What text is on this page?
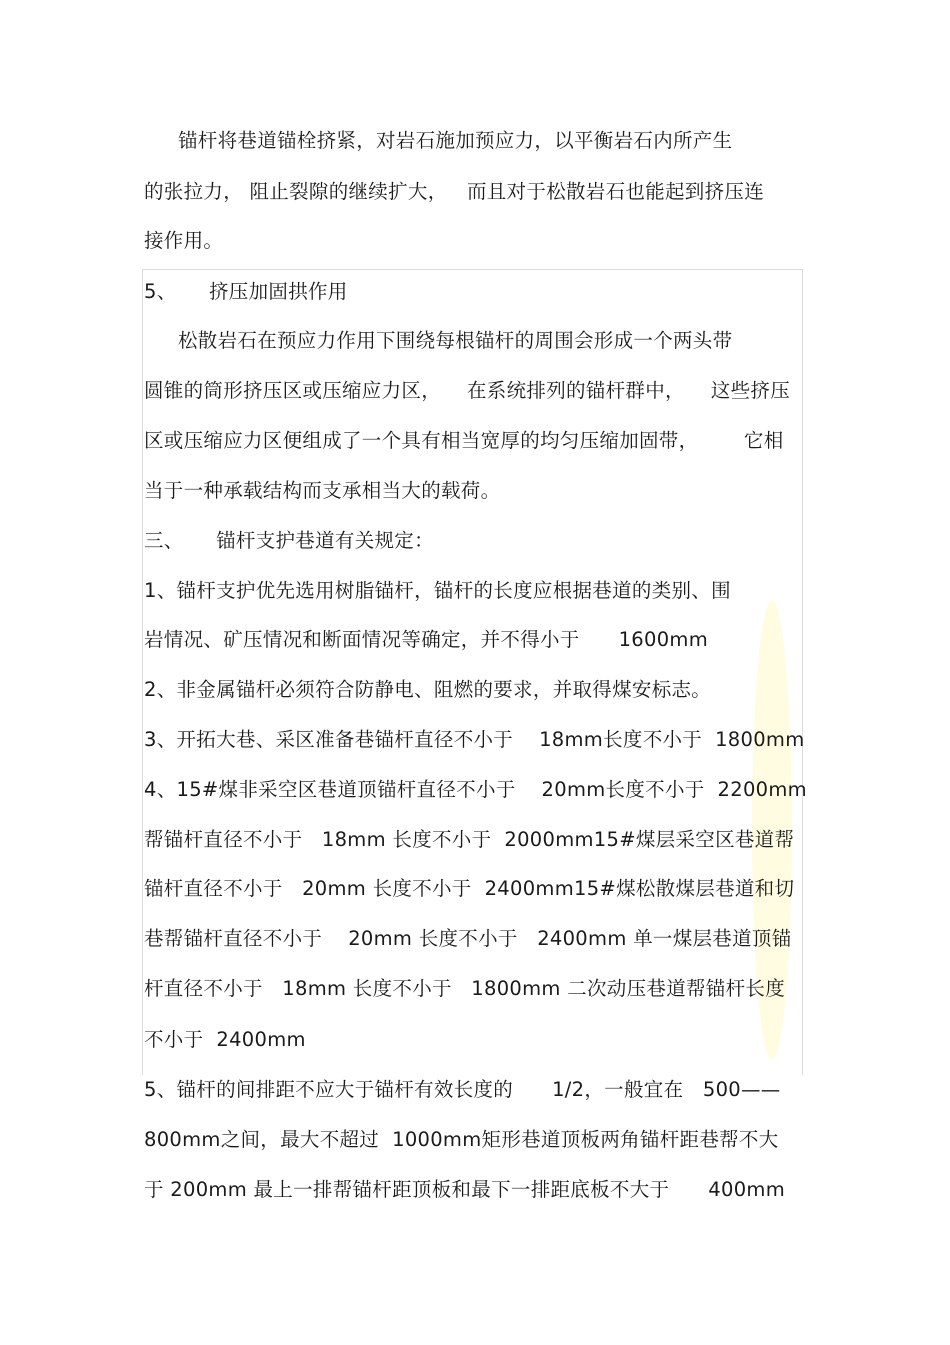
锚杆将巷道锚栓挤紧，对岩石施加预应力，以平衡岩石内所产生
的张拉力， 阻止裂隙的继续扩大，   而且对于松散岩石也能起到挤压连
接作用。
5、     挤压加固拱作用
松散岩石在预应力作用下围绕每根锚杆的周围会形成一个两头带
圆锥的筒形挤压区或压缩应力区，    在系统排列的锚杆群中，    这些挤压
区或压缩应力区便组成了一个具有相当宽厚的均匀压缩加固带，       它相
当于一种承载结构而支承相当大的载荷。
三、     锚杆支护巷道有关规定：
1、锚杆支护优先选用树脂锚杆，锚杆的长度应根据巷道的类别、围
岩情况、矿压情况和断面情况等确定，并不得小于      1600mm
2、非金属锚杆必须符合防静电、阻燃的要求，并取得煤安标志。
3、开拓大巷、采区准备巷锚杆直径不小于    18mm长度不小于  1800mm
4、15#煤非采空区巷道顶锚杆直径不小于    20mm长度不小于  2200mm
帮锚杆直径不小于   18mm 长度不小于  2000mm15#煤层采空区巷道帮
锚杆直径不小于   20mm 长度不小于  2400mm15#煤松散煤层巷道和切
巷帮锚杆直径不小于    20mm 长度不小于   2400mm 单一煤层巷道顶锚
杆直径不小于   18mm 长度不小于   1800mm 二次动压巷道帮锚杆长度
不小于  2400mm
5、锚杆的间排距不应大于锚杆有效长度的      1/2，一般宜在   500——
800mm之间，最大不超过  1000mm矩形巷道顶板两角锚杆距巷帮不大
于 200mm 最上一排帮锚杆距顶板和最下一排距底板不大于      400mm
